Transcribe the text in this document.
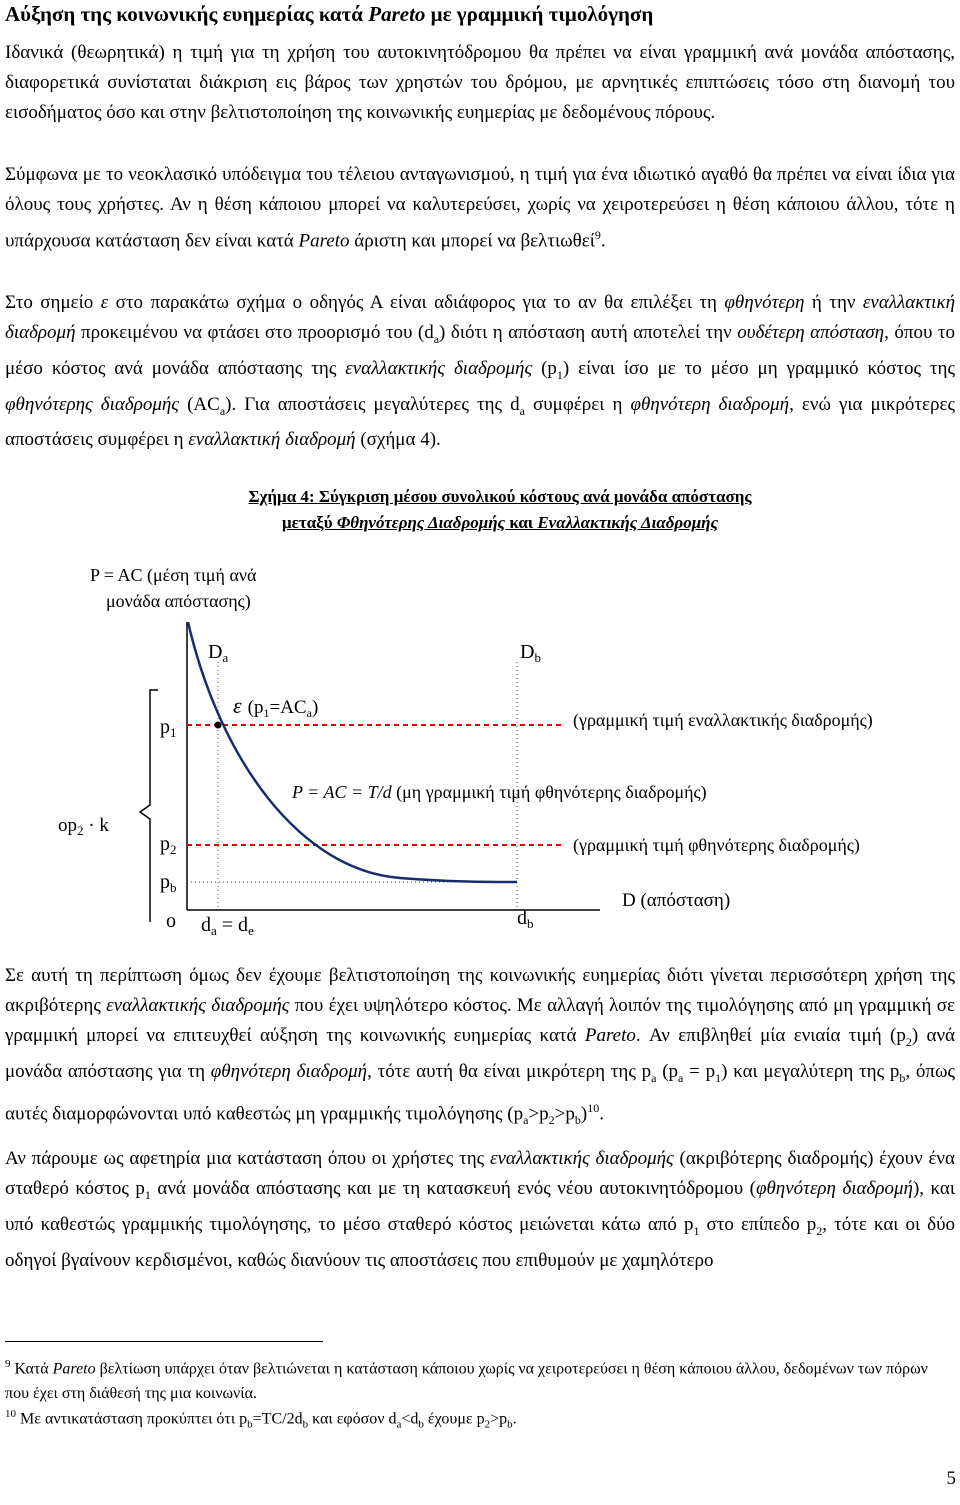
Αύξηση της κοινωνικής ευημερίας κατά Pareto με γραμμική τιμολόγηση

Ιδανικά (θεωρητικά) η τιμή για τη χρήση του αυτοκινητόδρομου θα πρέπει να είναι γραμμική ανά μονάδα απόστασης, διαφορετικά συνίσταται διάκριση εις βάρος των χρηστών του δρόμου, με αρνητικές επιπτώσεις τόσο στη διανομή του εισοδήματος όσο και στην βελτιστοποίηση της κοινωνικής ευημερίας με δεδομένους πόρους.

Σύμφωνα με το νεοκλασικό υπόδειγμα του τέλειου ανταγωνισμού, η τιμή για ένα ιδιωτικό αγαθό θα πρέπει να είναι ίδια για όλους τους χρήστες. Αν η θέση κάποιου μπορεί να καλυτερεύσει, χωρίς να χειροτερεύσει η θέση κάποιου άλλου, τότε η υπάρχουσα κατάσταση δεν είναι κατά Pareto άριστη και μπορεί να βελτιωθεί$^9$.

Στο σημείο ε στο παρακάτω σχήμα ο οδηγός Α είναι αδιάφορος για το αν θα επιλέξει τη φθηνότερη ή την εναλλακτική διαδρομή προκειμένου να φτάσει στο προορισμό του $(d_a)$ διότι η απόσταση αυτή αποτελεί την ουδέτερη απόσταση, όπου το μέσο κόστος ανά μονάδα απόστασης της εναλλακτικής διαδρομής $(p_1)$ είναι ίσο με το μέσο μη γραμμικό κόστος της φθηνότερης διαδρομής $(AC_a)$. Για αποστάσεις μεγαλύτερες της $d_a$ συμφέρει η φθηνότερη διαδρομή, ενώ για μικρότερες αποστάσεις συμφέρει η εναλλακτική διαδρομή (σχήμα 4).

Σχήμα 4: Σύγκριση μέσου συνολικού κόστους ανά μονάδα απόστασης
μεταξύ Φθηνότερης Διαδρομής και Εναλλακτικής Διαδρομής
P = AC (μέση τιμή ανά
μονάδα απόστασης)
$D_a$	$D_b$
$p_1$
$p_2$
$p_b$
$op_2 \cdot k$
ε $(p_1=AC_a)$
(γραμμική τιμή εναλλακτικής διαδρομής)
P = AC = T/d (μη γραμμική τιμή φθηνότερης διαδρομής)
(γραμμική τιμή φθηνότερης διαδρομής)
o $d_a = d_e$
$d_b$
D (απόσταση)

Σε αυτή τη περίπτωση όμως δεν έχουμε βελτιστοποίηση της κοινωνικής ευημερίας διότι γίνεται περισσότερη χρήση της ακριβότερης εναλλακτικής διαδρομής που έχει υψηλότερο κόστος. Με αλλαγή λοιπόν της τιμολόγησης από μη γραμμική σε γραμμική μπορεί να επιτευχθεί αύξηση της κοινωνικής ευημερίας κατά Pareto. Αν επιβληθεί μία ενιαία τιμή $(p_2)$ ανά μονάδα απόστασης για τη φθηνότερη διαδρομή, τότε αυτή θα είναι μικρότερη της $p_a$ $(p_a = p_1)$ και μεγαλύτερη της $p_b$, όπως αυτές διαμορφώνονται υπό καθεστώς μη γραμμικής τιμολόγησης $(p_a>p_2>p_b)^{10}$.

Αν πάρουμε ως αφετηρία μια κατάσταση όπου οι χρήστες της εναλλακτικής διαδρομής (ακριβότερης διαδρομής) έχουν ένα σταθερό κόστος $p_1$ ανά μονάδα απόστασης και με τη κατασκευή ενός νέου αυτοκινητόδρομου (φθηνότερη διαδρομή), και υπό καθεστώς γραμμικής τιμολόγησης, το μέσο σταθερό κόστος μειώνεται κάτω από $p_1$ στο επίπεδο $p_2$, τότε και οι δύο οδηγοί βγαίνουν κερδισμένοι, καθώς διανύουν τις αποστάσεις που επιθυμούν με χαμηλότερο

$^9$ Κατά Pareto βελτίωση υπάρχει όταν βελτιώνεται η κατάσταση κάποιου χωρίς να χειροτερεύσει η θέση κάποιου άλλου, δεδομένων των πόρων που έχει στη διάθεσή της μια κοινωνία.

$^{10}$ Με αντικατάσταση προκύπτει ότι $p_b=TC/2d_b$ και εφόσον $d_a<d_b$ έχουμε $p_2>p_b$.

5
